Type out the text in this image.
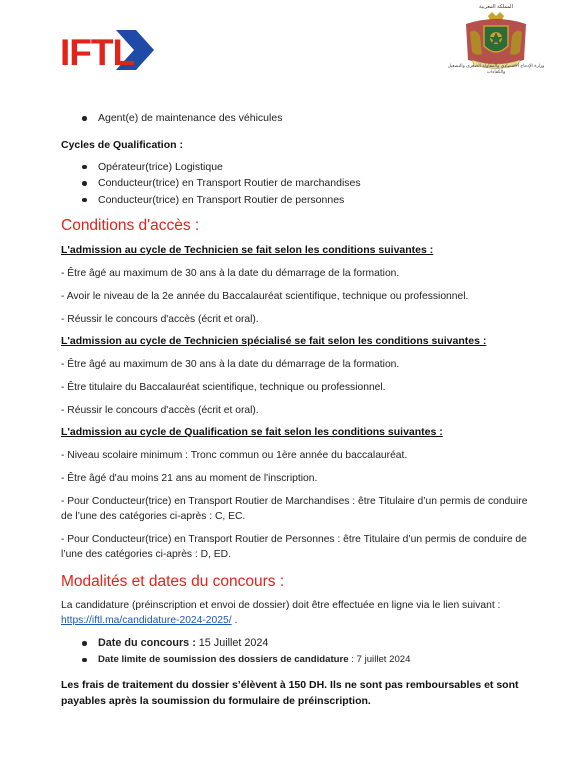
IFTL
المملكة المغربية
وزارة الإدماج الاقتصادي والمقاولة الصغرى والتشغيل والكفاءات
Agent(e) de maintenance des véhicules

Cycles de Qualification :

Opérateur(trice) Logistique
Conducteur(trice) en Transport Routier de marchandises
Conducteur(trice) en Transport Routier de personnes
Conditions d'accès :

L'admission au cycle de Technicien se fait selon les conditions suivantes :

- Être âgé au maximum de 30 ans à la date du démarrage de la formation.

- Avoir le niveau de la 2e année du Baccalauréat scientifique, technique ou professionnel.

- Réussir le concours d'accès (écrit et oral).

L'admission au cycle de Technicien spécialisé se fait selon les conditions suivantes :

- Être âgé au maximum de 30 ans à la date du démarrage de la formation.

- Être titulaire du Baccalauréat scientifique, technique ou professionnel.

- Réussir le concours d'accès (écrit et oral).

L'admission au cycle de Qualification se fait selon les conditions suivantes :

- Niveau scolaire minimum : Tronc commun ou 1ère année du baccalauréat.

- Être âgé d'au moins 21 ans au moment de l'inscription.

- Pour Conducteur(trice) en Transport Routier de Marchandises : être Titulaire d’un permis de conduire de l’une des catégories ci-après : C, EC.

- Pour Conducteur(trice) en Transport Routier de Personnes : être Titulaire d’un permis de conduire de l’une des catégories ci-après : D, ED.

Modalités et dates du concours :

La candidature (préinscription et envoi de dossier) doit être effectuée en ligne via le lien suivant : https://iftl.ma/candidature-2024-2025/ .

Date du concours : 15 Juillet 2024
Date limite de soumission des dossiers de candidature : 7 juillet 2024

Les frais de traitement du dossier s’élèvent à 150 DH. Ils ne sont pas remboursables et sont payables après la soumission du formulaire de préinscription.
